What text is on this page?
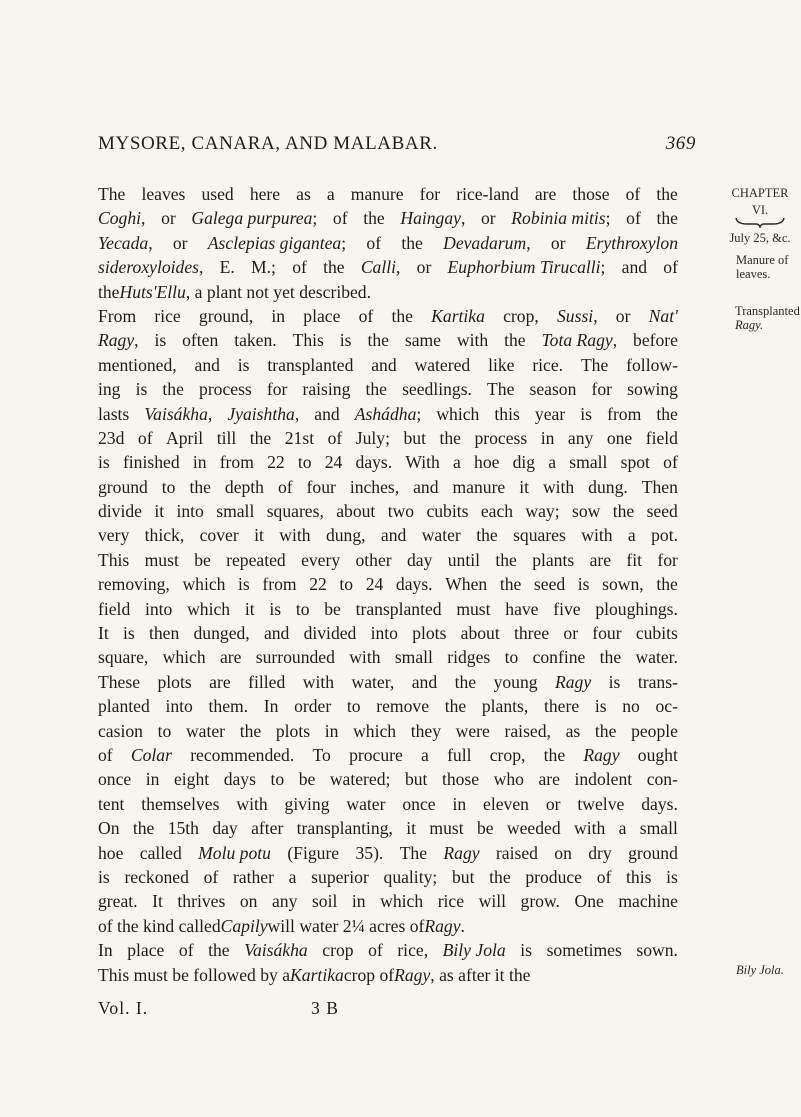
MYSORE, CANARA, AND MALABAR.	369
The leaves used here as a manure for rice-land are those of the
Coghi, or Galega purpurea; of the Haingay, or Robinia mitis; of the
Yecada, or Asclepias gigantea; of the Devadarum, or Erythroxylon
sideroxyloides, E. M.; of the Calli, or Euphorbium Tirucalli; and of
the Huts' Ellu , a plant not yet described.
From rice ground, in place of the Kartika crop, Sussi, or Nat'
Ragy, is often taken. This is the same with the Tota Ragy, before
mentioned, and is transplanted and watered like rice. The follow-
ing is the process for raising the seedlings. The season for sowing
lasts Vaisákha, Jyaishtha, and Ashádha; which this year is from the
23d of April till the 21st of July; but the process in any one field
is finished in from 22 to 24 days. With a hoe dig a small spot of
ground to the depth of four inches, and manure it with dung. Then
divide it into small squares, about two cubits each way; sow the seed
very thick, cover it with dung, and water the squares with a pot.
This must be repeated every other day until the plants are fit for
removing, which is from 22 to 24 days. When the seed is sown, the
field into which it is to be transplanted must have five ploughings.
It is then dunged, and divided into plots about three or four cubits
square, which are surrounded with small ridges to confine the water.
These plots are filled with water, and the young Ragy is trans-
planted into them. In order to remove the plants, there is no oc-
casion to water the plots in which they were raised, as the people
of Colar recommended. To procure a full crop, the Ragy ought
once in eight days to be watered; but those who are indolent con-
tent themselves with giving water once in eleven or twelve days.
On the 15th day after transplanting, it must be weeded with a small
hoe called Molu potu (Figure 35). The Ragy raised on dry ground
is reckoned of rather a superior quality; but the produce of this is
great. It thrives on any soil in which rice will grow. One machine
of the kind called Capily will water 2¼ acres of Ragy .
In place of the Vaisákha crop of rice, Bily Jola is sometimes sown.
This must be followed by a Kartika crop of Ragy , as after it the
CHAPTER
VI.
July 25, &c.
Manure of
leaves.
Transplanted
Ragy.
Bily Jola.
Vol. I.	3 B
